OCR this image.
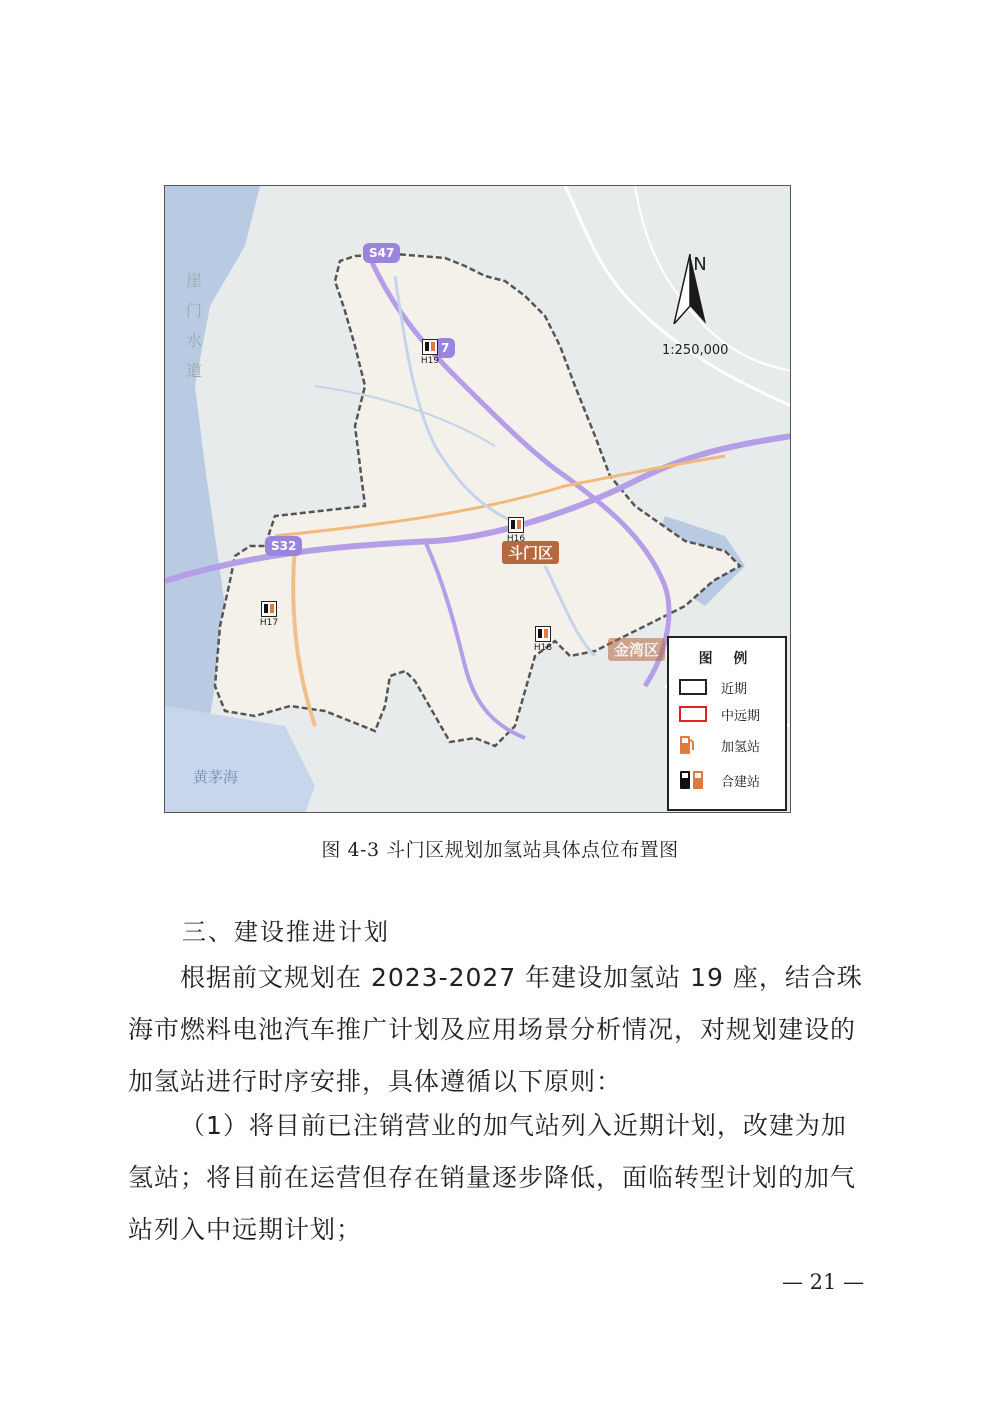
崖门水道
黄茅海
S47
7
S32	斗门区
金湾区
H19
H16
H17
H18
N
1:250,000
图 例
近期
中远期
加氢站
合建站
图 4-3 斗门区规划加氢站具体点位布置图
三、建设推进计划
根据前文规划在 2023-2027 年建设加氢站 19 座，结合珠
海市燃料电池汽车推广计划及应用场景分析情况，对规划建设的
加氢站进行时序安排，具体遵循以下原则：
（1）将目前已注销营业的加气站列入近期计划，改建为加
氢站；将目前在运营但存在销量逐步降低，面临转型计划的加气
站列入中远期计划；
— 21 —
